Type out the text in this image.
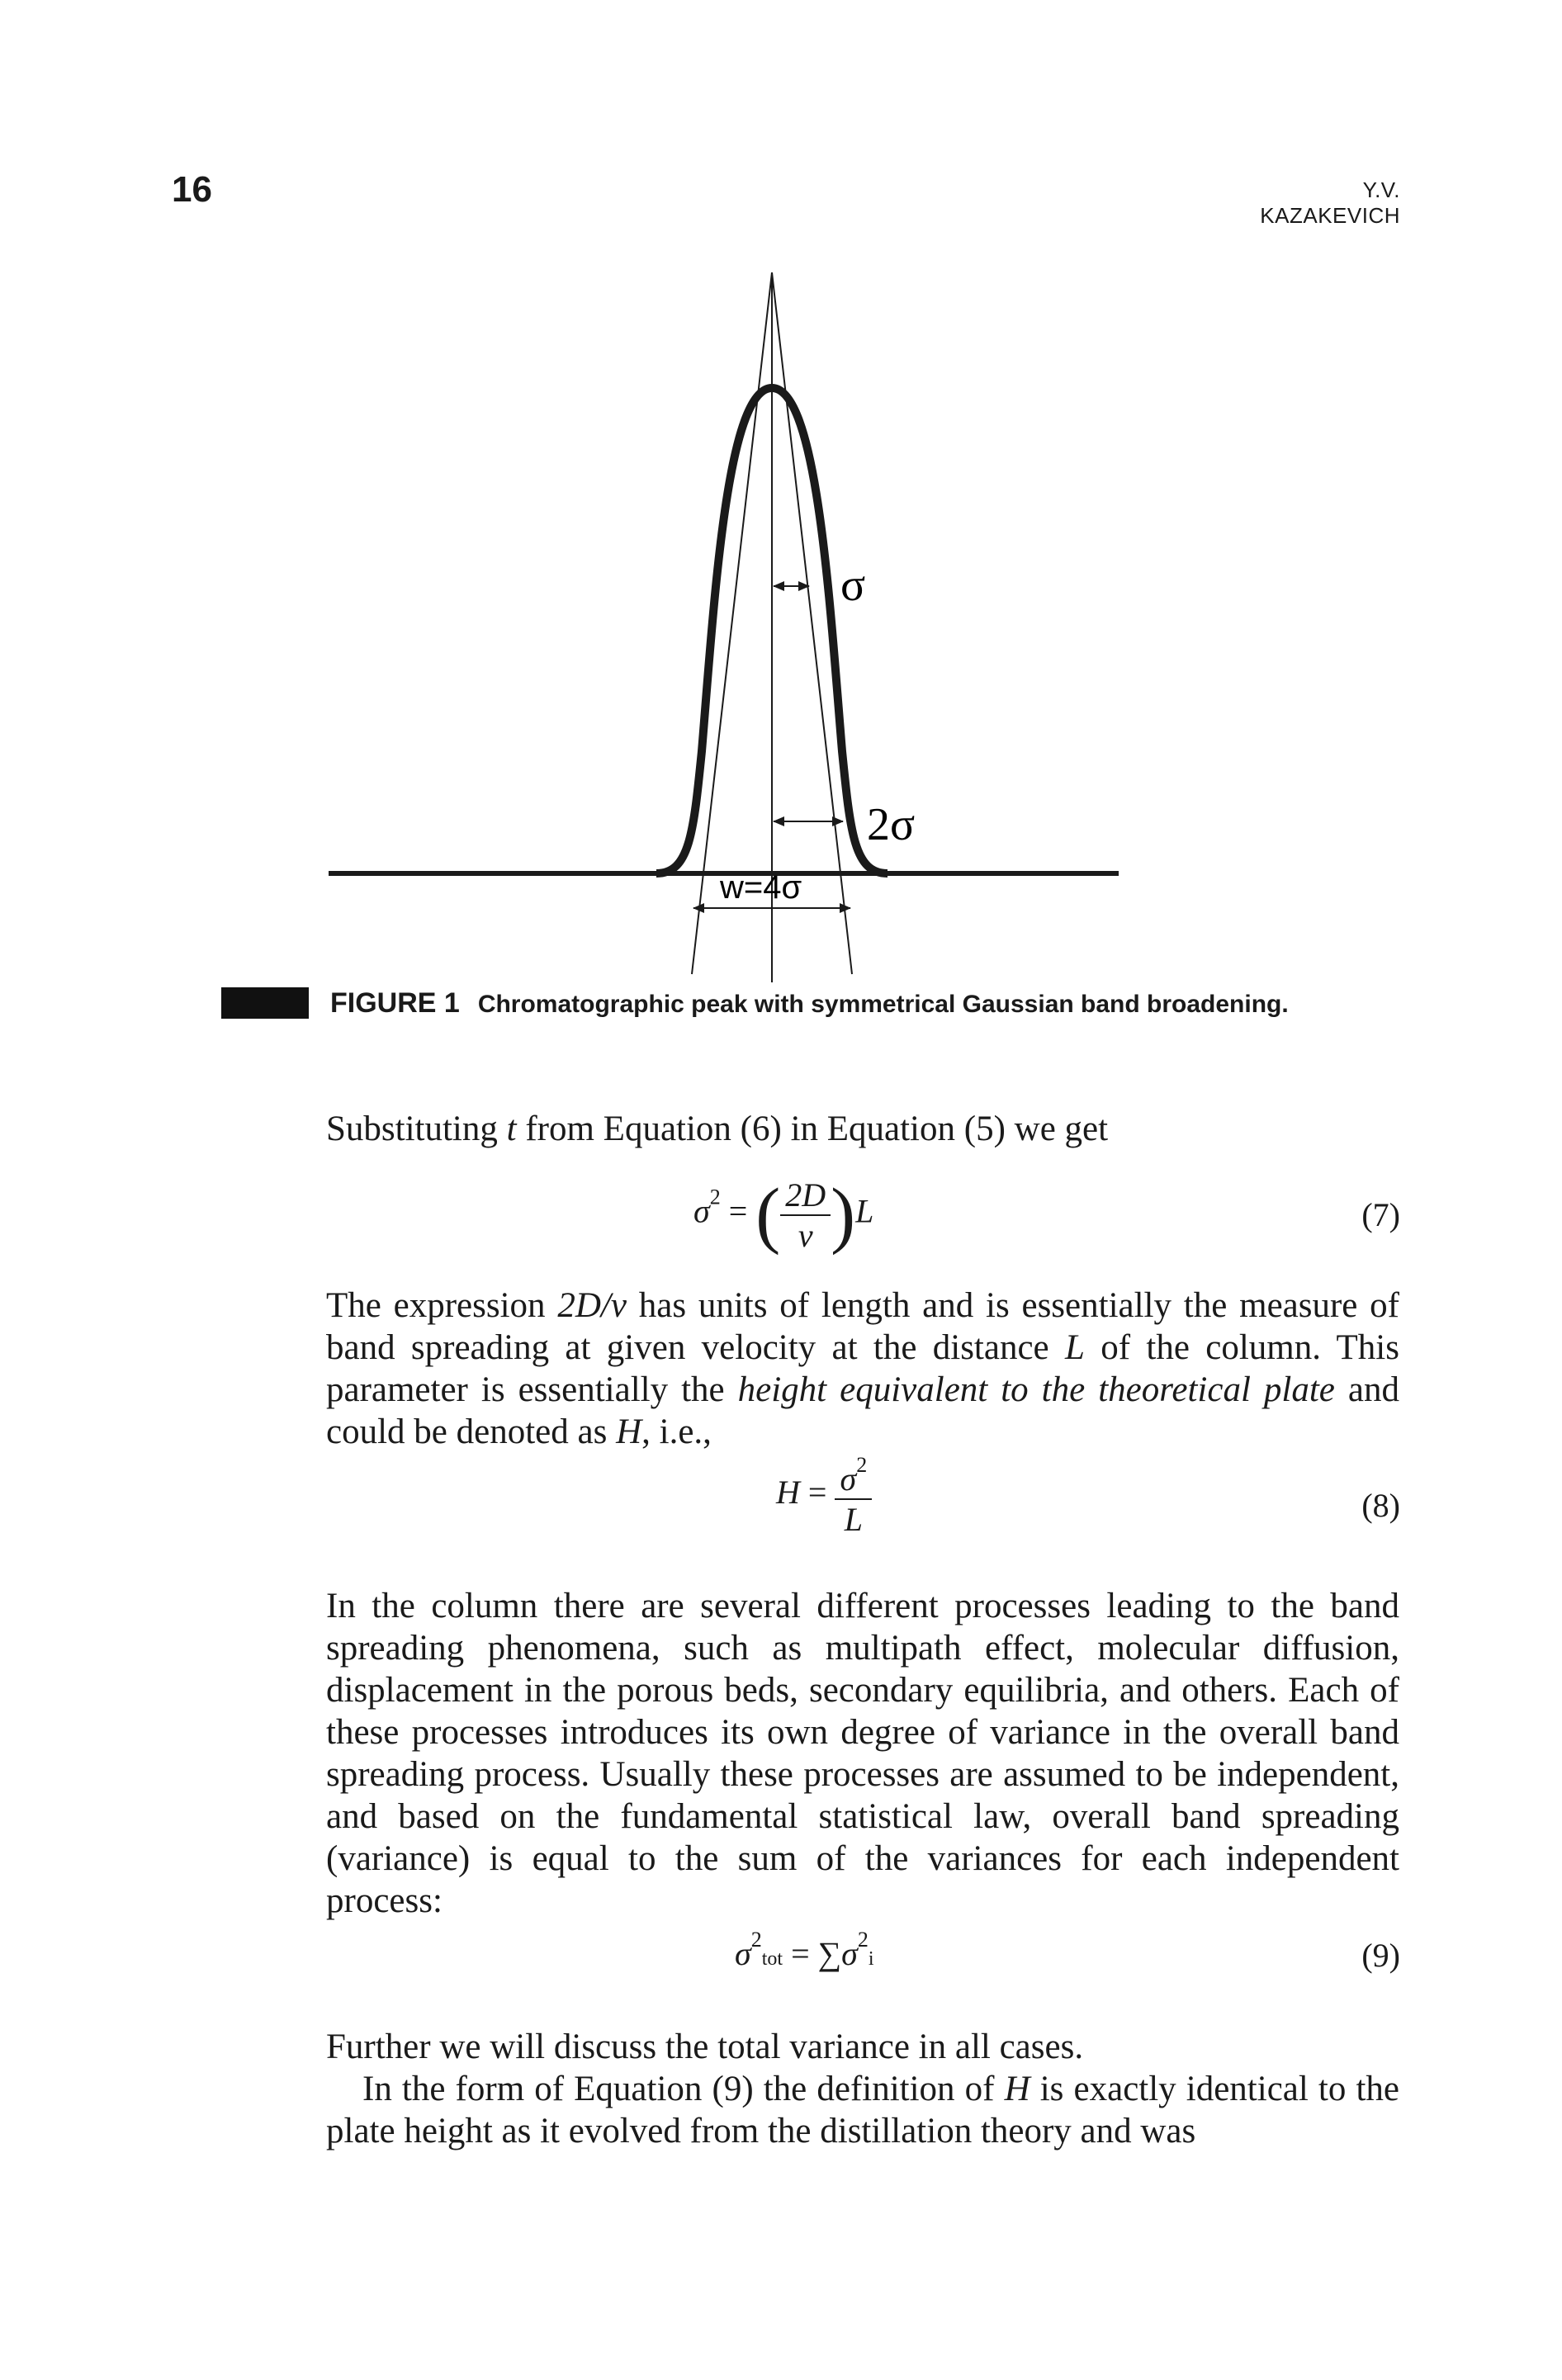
16	Y.V. KAZAKEVICH
σ
2σ
w=4σ
FIGURE 1 Chromatographic peak with symmetrical Gaussian band broadening.
Substituting t from Equation (6) in Equation (5) we get
$\sigma^2$ = ( $\frac{2D}{v} )L$	(7)
The expression 2D/v has units of length and is essentially the measure of band spreading at given velocity at the distance L of the column. This parameter is essentially the height equivalent to the theoretical plate and could be denoted as H, i.e.,
$H = \frac{\sigma^2}{L}$	(8)
In the column there are several different processes leading to the band spreading phenomena, such as multipath effect, molecular diffusion, displacement in the porous beds, secondary equilibria, and others. Each of these processes introduces its own degree of variance in the overall band spreading process. Usually these processes are assumed to be independent, and based on the fundamental statistical law, overall band spreading (variance) is equal to the sum of the variances for each independent process:
$\sigma^2tot = \sum\sigma^2i$	(9)
Further we will discuss the total variance in all cases.
In the form of Equation (9) the definition of H is exactly identical to the plate height as it evolved from the distillation theory and was
